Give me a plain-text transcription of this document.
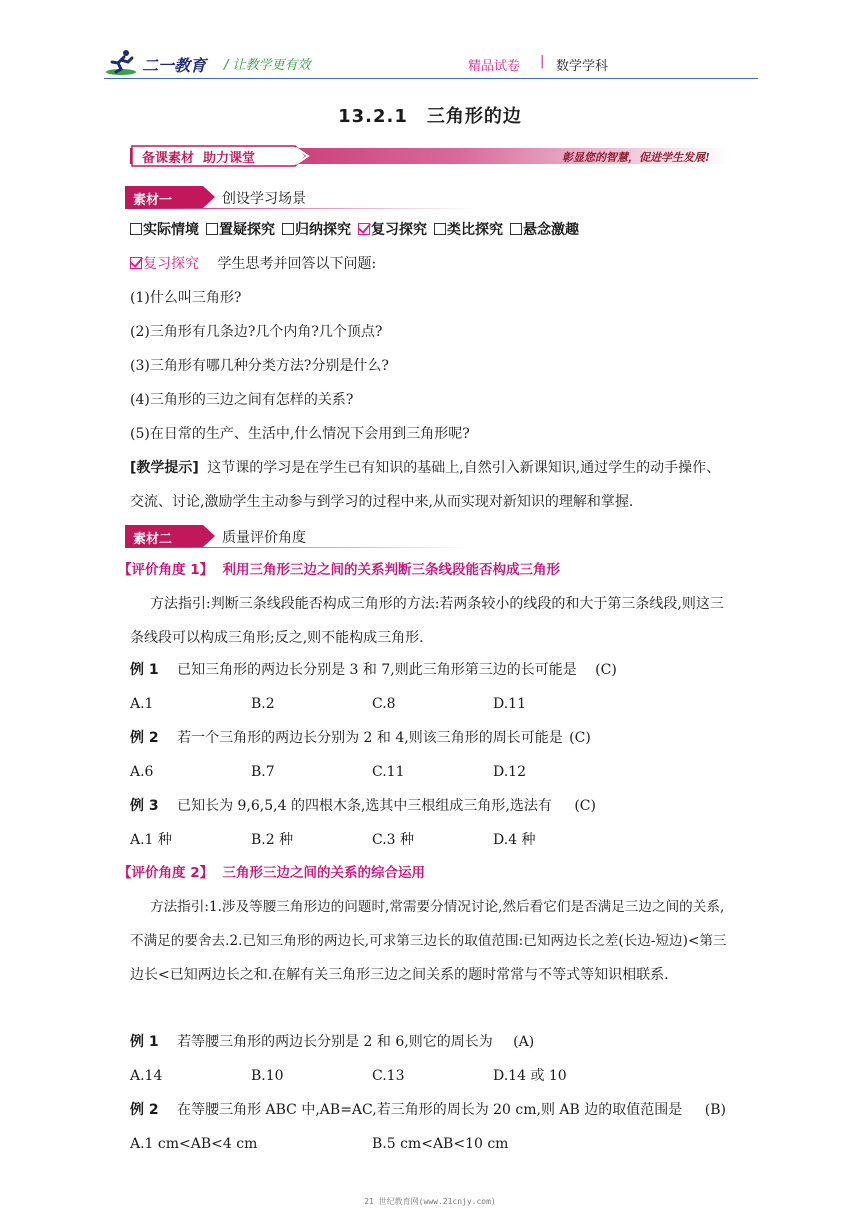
二一教育 / 让教学更有效	精品试卷 | 数学学科
13.2.1　三角形的边
备课素材  助力课堂	彰显您的智慧，促进学生发展!
素材一	创设学习场景
实际情境	置疑探究	归纳探究	复习探究	类比探究	悬念激趣
复习探究 学生思考并回答以下问题:
(1)什么叫三角形?
(2)三角形有几条边?几个内角?几个顶点?
(3)三角形有哪几种分类方法?分别是什么?
(4)三角形的三边之间有怎样的关系?
(5)在日常的生产、生活中,什么情况下会用到三角形呢?
[教学提示] 这节课的学习是在学生已有知识的基础上,自然引入新课知识,通过学生的动手操作、
交流、讨论,激励学生主动参与到学习的过程中来,从而实现对新知识的理解和掌握.
素材二	质量评价角度
【评价角度 1】  利用三角形三边之间的关系判断三条线段能否构成三角形
方法指引:判断三条线段能否构成三角形的方法:若两条较小的线段的和大于第三条线段,则这三
条线段可以构成三角形;反之,则不能构成三角形.
例 1 已知三角形的两边长分别是 3 和 7,则此三角形第三边的长可能是 (C)
A.1	B.2	C.8	D.11
例 2 若一个三角形的两边长分别为 2 和 4,则该三角形的周长可能是 (C)
A.6	B.7	C.11	D.12
例 3 已知长为 9,6,5,4 的四根木条,选其中三根组成三角形,选法有 (C)
A.1 种	B.2 种	C.3 种	D.4 种
【评价角度 2】  三角形三边之间的关系的综合运用
方法指引:1.涉及等腰三角形边的问题时,常需要分情况讨论,然后看它们是否满足三边之间的关系,
不满足的要舍去.2.已知三角形的两边长,可求第三边长的取值范围:已知两边长之差(长边-短边)<第三
边长<已知两边长之和.在解有关三角形三边之间关系的题时常常与不等式等知识相联系.
例 1 若等腰三角形的两边长分别是 2 和 6,则它的周长为 (A)
A.14	B.10	C.13	D.14 或 10
例 2 在等腰三角形 ABC 中,AB=AC,若三角形的周长为 20 cm,则 AB 边的取值范围是 (B)
A.1 cm<AB<4 cm	B.5 cm<AB<10 cm
21 世纪教育网(www.21cnjy.com)
